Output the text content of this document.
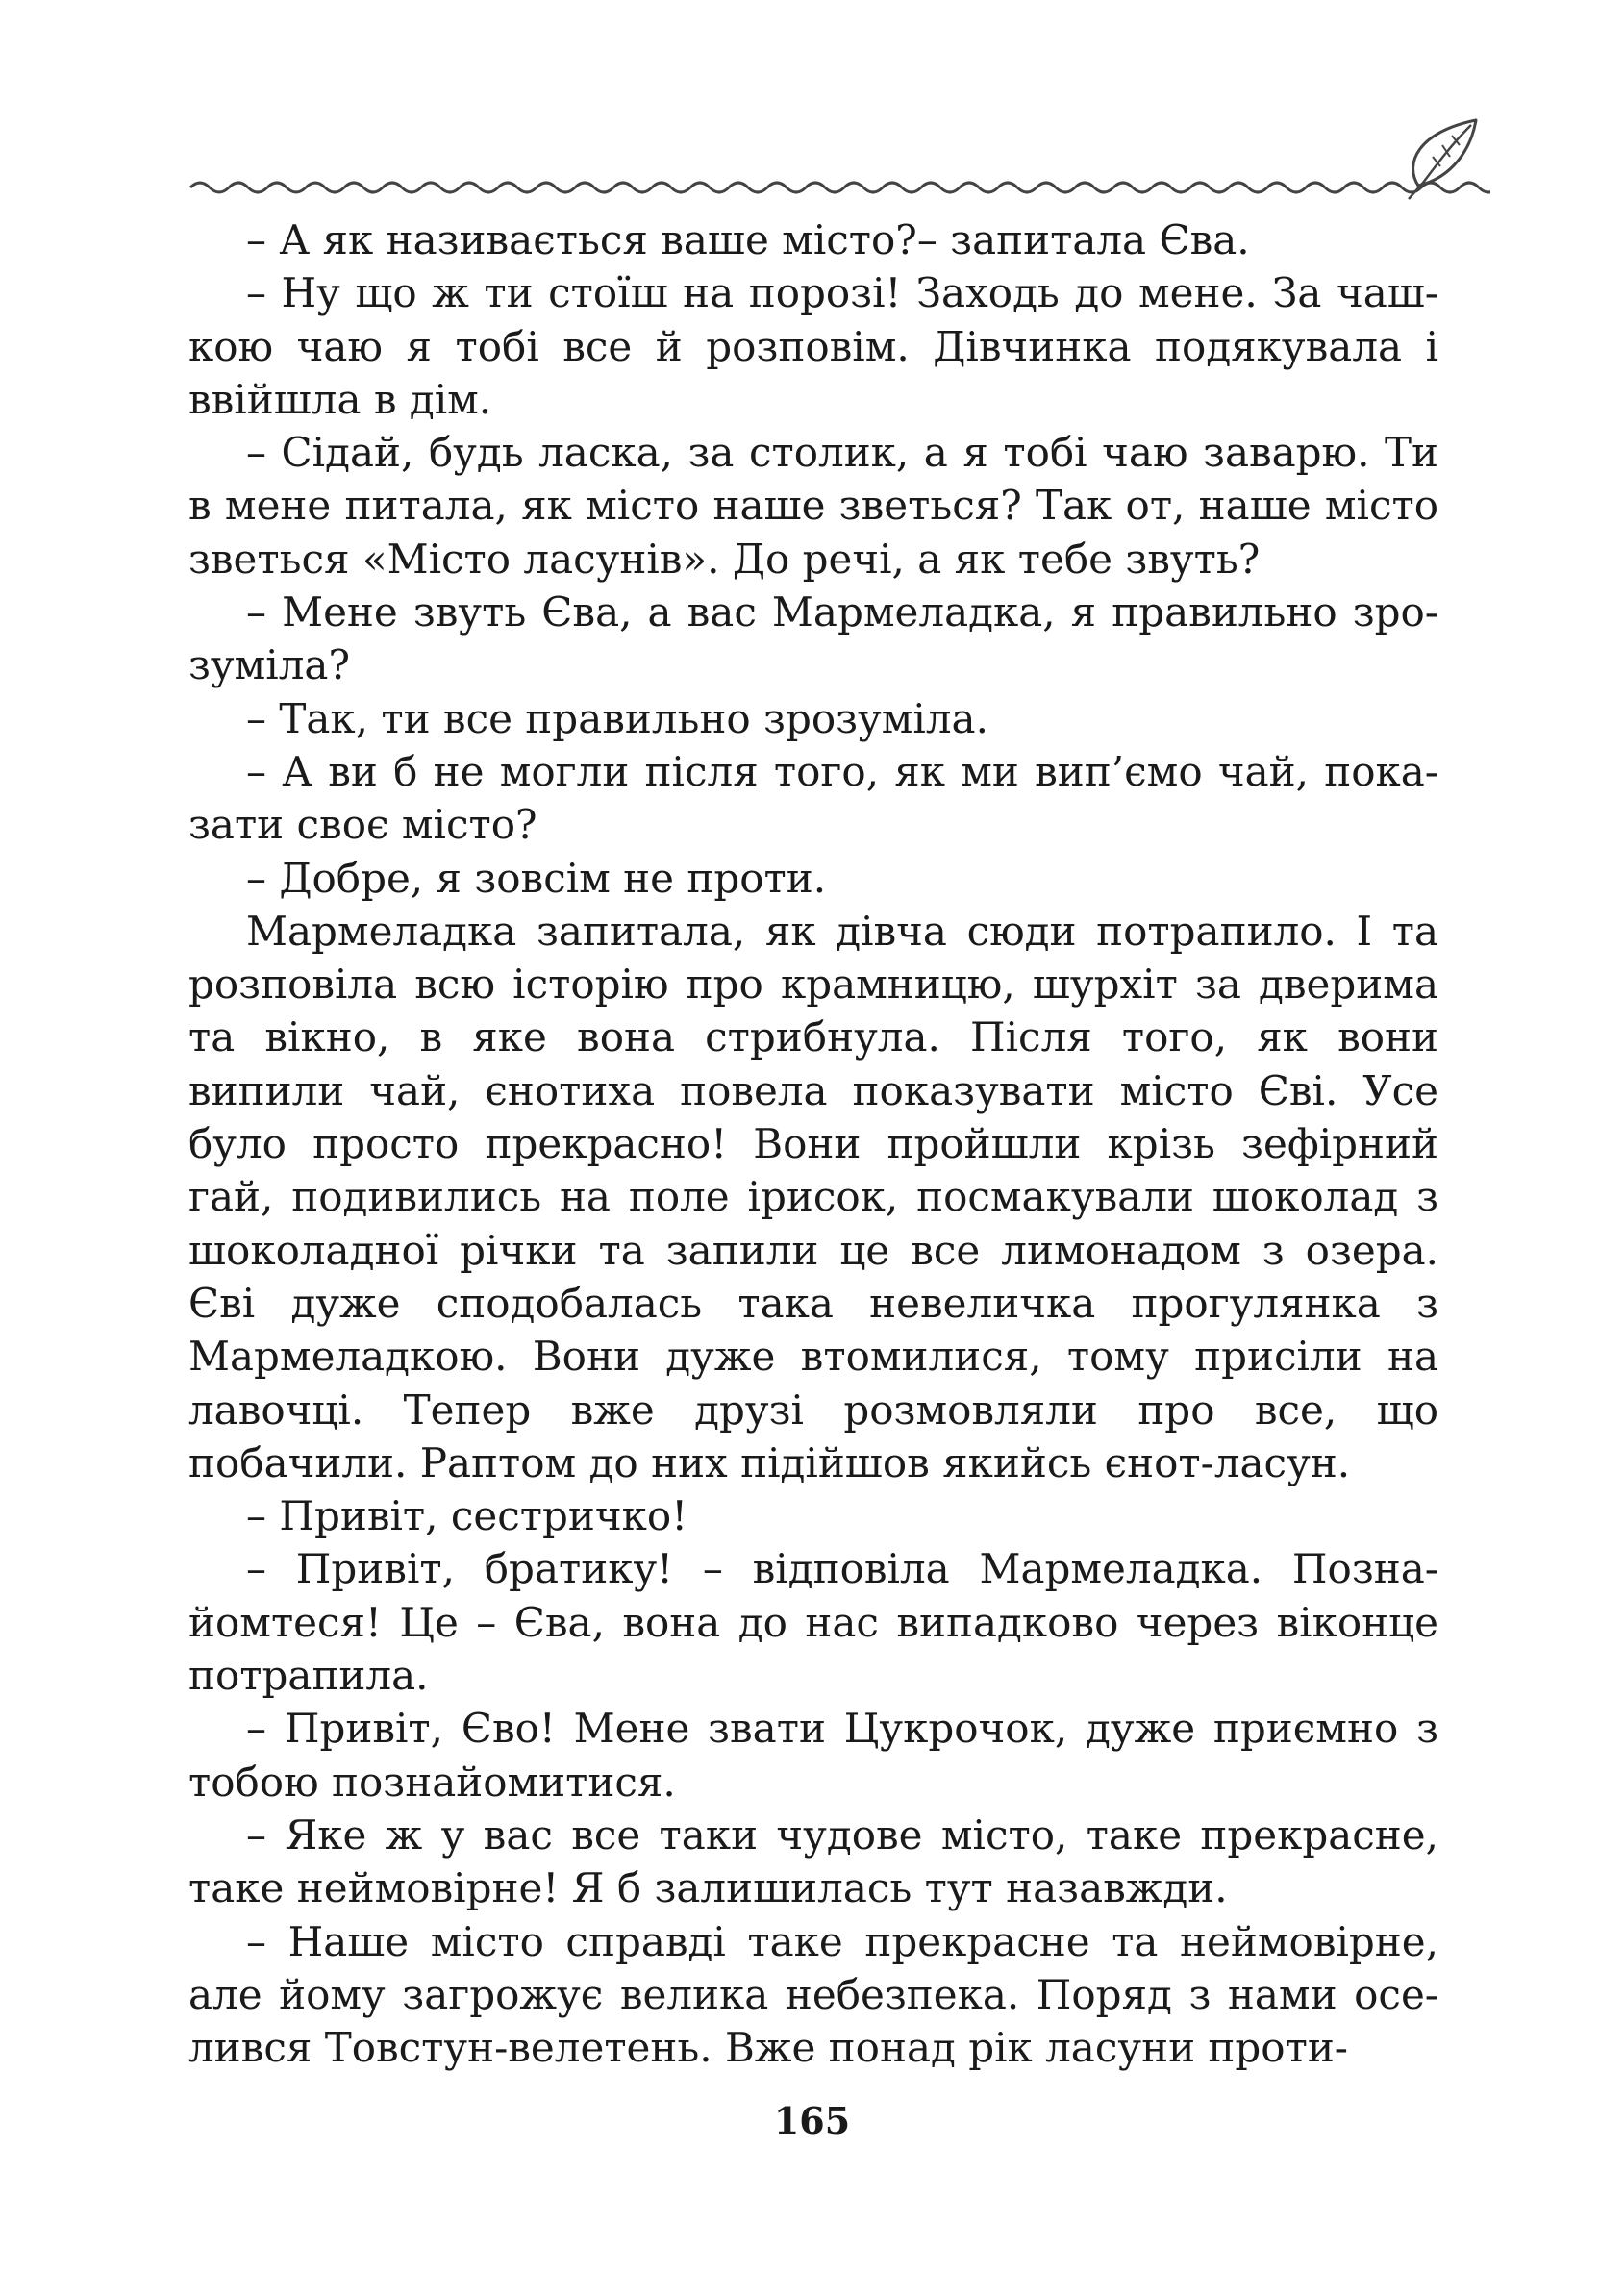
– А як називається ваше місто?– запитала Єва.

– Ну що ж ти стоїш на порозі! Заходь до мене. За чашкою чаю я тобі все й розповім. Дівчинка подякувала і ввійшла в дім.

– Сідай, будь ласка, за столик, а я тобі чаю заварю. Ти в мене питала, як місто наше зветься? Так от, наше місто зветься «Місто ласунів». До речі, а як тебе звуть?

– Мене звуть Єва, а вас Мармеладка, я правильно зрозуміла?

– Так, ти все правильно зрозуміла.

– А ви б не могли після того, як ми вип’ємо чай, показати своє місто?

– Добре, я зовсім не проти.

Мармеладка запитала, як дівча сюди потрапило. І та розповіла всю історію про крамницю, шурхіт за дверима та вікно, в яке вона стрибнула. Після того, як вони випили чай, єнотиха повела показувати місто Єві. Усе було просто прекрасно! Вони пройшли крізь зефірний гай, подивились на поле ірисок, посмакували шоколад з шоколадної річки та запили це все лимонадом з озера. Єві дуже сподобалась така невеличка прогулянка з Мармеладкою. Вони дуже втомилися, тому присіли на лавочці. Тепер вже друзі розмовляли про все, що побачили. Раптом до них підійшов якийсь єнот-ласун.

– Привіт, сестричко!

– Привіт, братику! – відповіла Мармеладка. Познайомтеся! Це – Єва, вона до нас випадково через віконце потрапила.

– Привіт, Єво! Мене звати Цукрочок, дуже приємно з тобою познайомитися.

– Яке ж у вас все таки чудове місто, таке прекрасне, таке неймовірне! Я б залишилась тут назавжди.

– Наше місто справді таке прекрасне та неймовірне, але йому загрожує велика небезпека. Поряд з нами оселився Товстун-велетень. Вже понад рік ласуни проти-

165
